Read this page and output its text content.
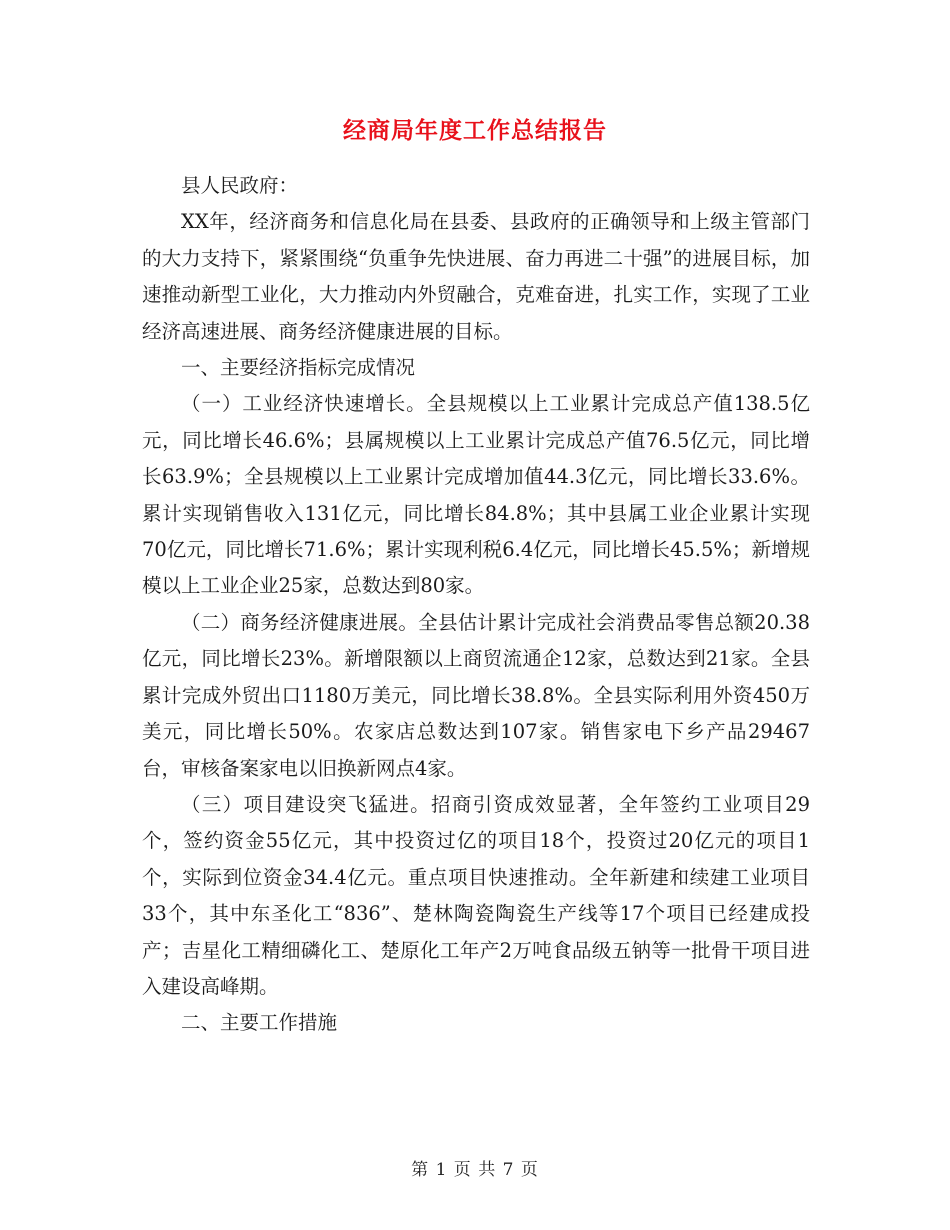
经商局年度工作总结报告

县人民政府：

XX年，经济商务和信息化局在县委、县政府的正确领导和上级主管部门的大力支持下，紧紧围绕“负重争先快进展、奋力再进二十强”的进展目标，加速推动新型工业化，大力推动内外贸融合，克难奋进，扎实工作，实现了工业经济高速进展、商务经济健康进展的目标。

一、主要经济指标完成情况

（一）工业经济快速增长。全县规模以上工业累计完成总产值138.5亿元，同比增长46.6%；县属规模以上工业累计完成总产值76.5亿元，同比增长63.9%；全县规模以上工业累计完成增加值44.3亿元，同比增长33.6%。累计实现销售收入131亿元，同比增长84.8%；其中县属工业企业累计实现70亿元，同比增长71.6%；累计实现利税6.4亿元，同比增长45.5%；新增规模以上工业企业25家，总数达到80家。

（二）商务经济健康进展。全县估计累计完成社会消费品零售总额20.38亿元，同比增长23%。新增限额以上商贸流通企12家，总数达到21家。全县累计完成外贸出口1180万美元，同比增长38.8%。全县实际利用外资450万美元，同比增长50%。农家店总数达到107家。销售家电下乡产品29467台，审核备案家电以旧换新网点4家。

（三）项目建设突飞猛进。招商引资成效显著，全年签约工业项目29个，签约资金55亿元，其中投资过亿的项目18个，投资过20亿元的项目1个，实际到位资金34.4亿元。重点项目快速推动。全年新建和续建工业项目33个，其中东圣化工“836”、楚林陶瓷陶瓷生产线等17个项目已经建成投产；吉星化工精细磷化工、楚原化工年产2万吨食品级五钠等一批骨干项目进入建设高峰期。

二、主要工作措施

第 1 页 共 7 页
